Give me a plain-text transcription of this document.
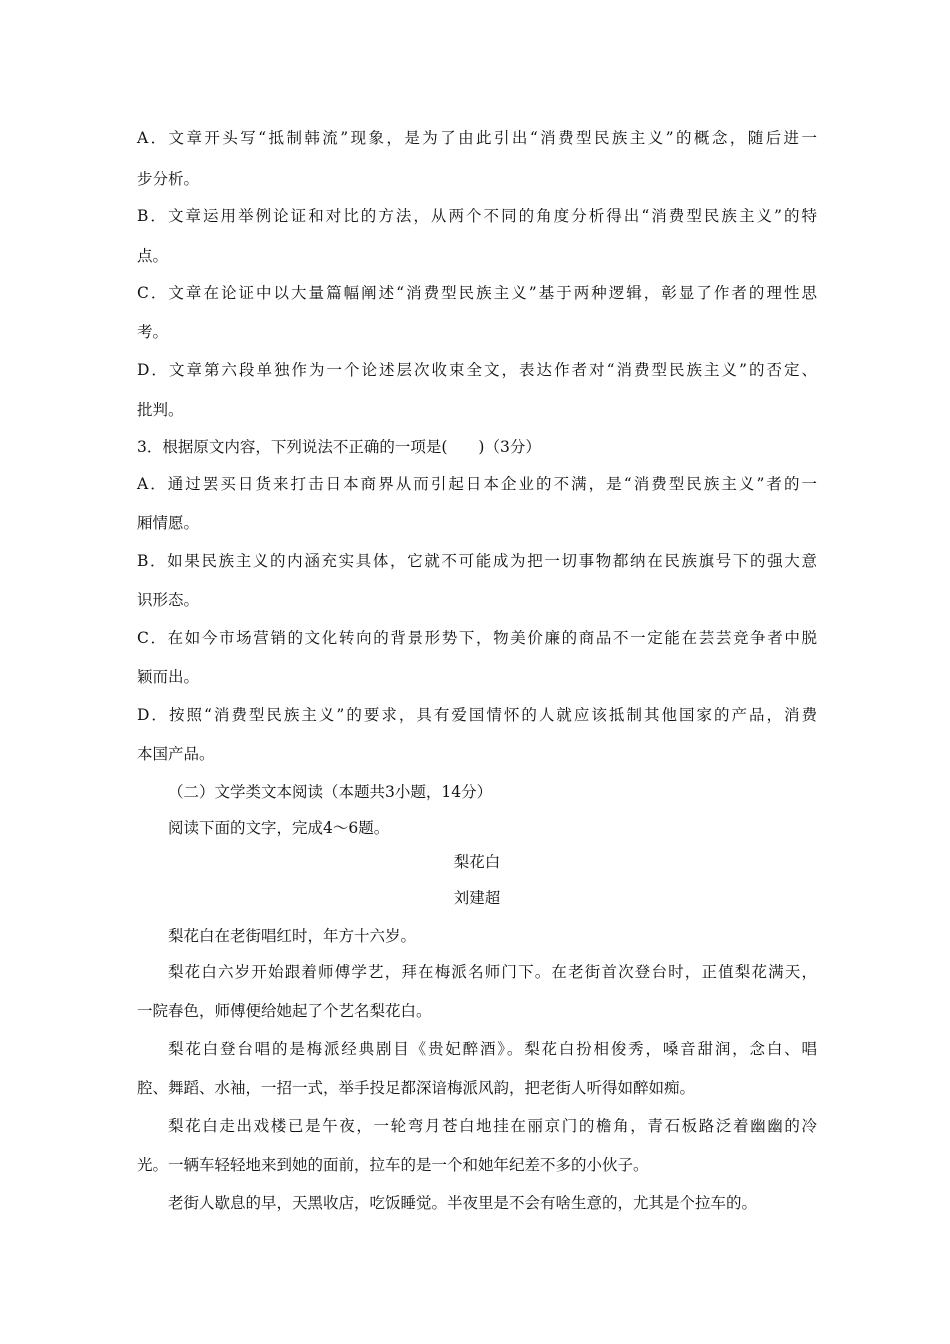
A．文章开头写“抵制韩流”现象，是为了由此引出“消费型民族主义”的概念，随后进一
步分析。
B．文章运用举例论证和对比的方法，从两个不同的角度分析得出“消费型民族主义”的特
点。
C．文章在论证中以大量篇幅阐述“消费型民族主义”基于两种逻辑，彰显了作者的理性思
考。
D．文章第六段单独作为一个论述层次收束全文，表达作者对“消费型民族主义”的否定、
批判。
3．根据原文内容，下列说法不正确的一项是(　　)（3分）
A．通过罢买日货来打击日本商界从而引起日本企业的不满，是“消费型民族主义”者的一
厢情愿。
B．如果民族主义的内涵充实具体，它就不可能成为把一切事物都纳在民族旗号下的强大意
识形态。
C．在如今市场营销的文化转向的背景形势下，物美价廉的商品不一定能在芸芸竞争者中脱
颖而出。
D．按照“消费型民族主义”的要求，具有爱国情怀的人就应该抵制其他国家的产品，消费
本国产品。
（二）文学类文本阅读（本题共3小题，14分）
阅读下面的文字，完成4～6题。
梨花白
刘建超
梨花白在老街唱红时，年方十六岁。
梨花白六岁开始跟着师傅学艺，拜在梅派名师门下。在老街首次登台时，正值梨花满天，
一院春色，师傅便给她起了个艺名梨花白。
梨花白登台唱的是梅派经典剧目《贵妃醉酒》。梨花白扮相俊秀，嗓音甜润，念白、唱
腔、舞蹈、水袖，一招一式，举手投足都深谙梅派风韵，把老街人听得如醉如痴。
梨花白走出戏楼已是午夜，一轮弯月苍白地挂在丽京门的檐角，青石板路泛着幽幽的冷
光。一辆车轻轻地来到她的面前，拉车的是一个和她年纪差不多的小伙子。
老街人歇息的早，天黑收店，吃饭睡觉。半夜里是不会有啥生意的，尤其是个拉车的。
